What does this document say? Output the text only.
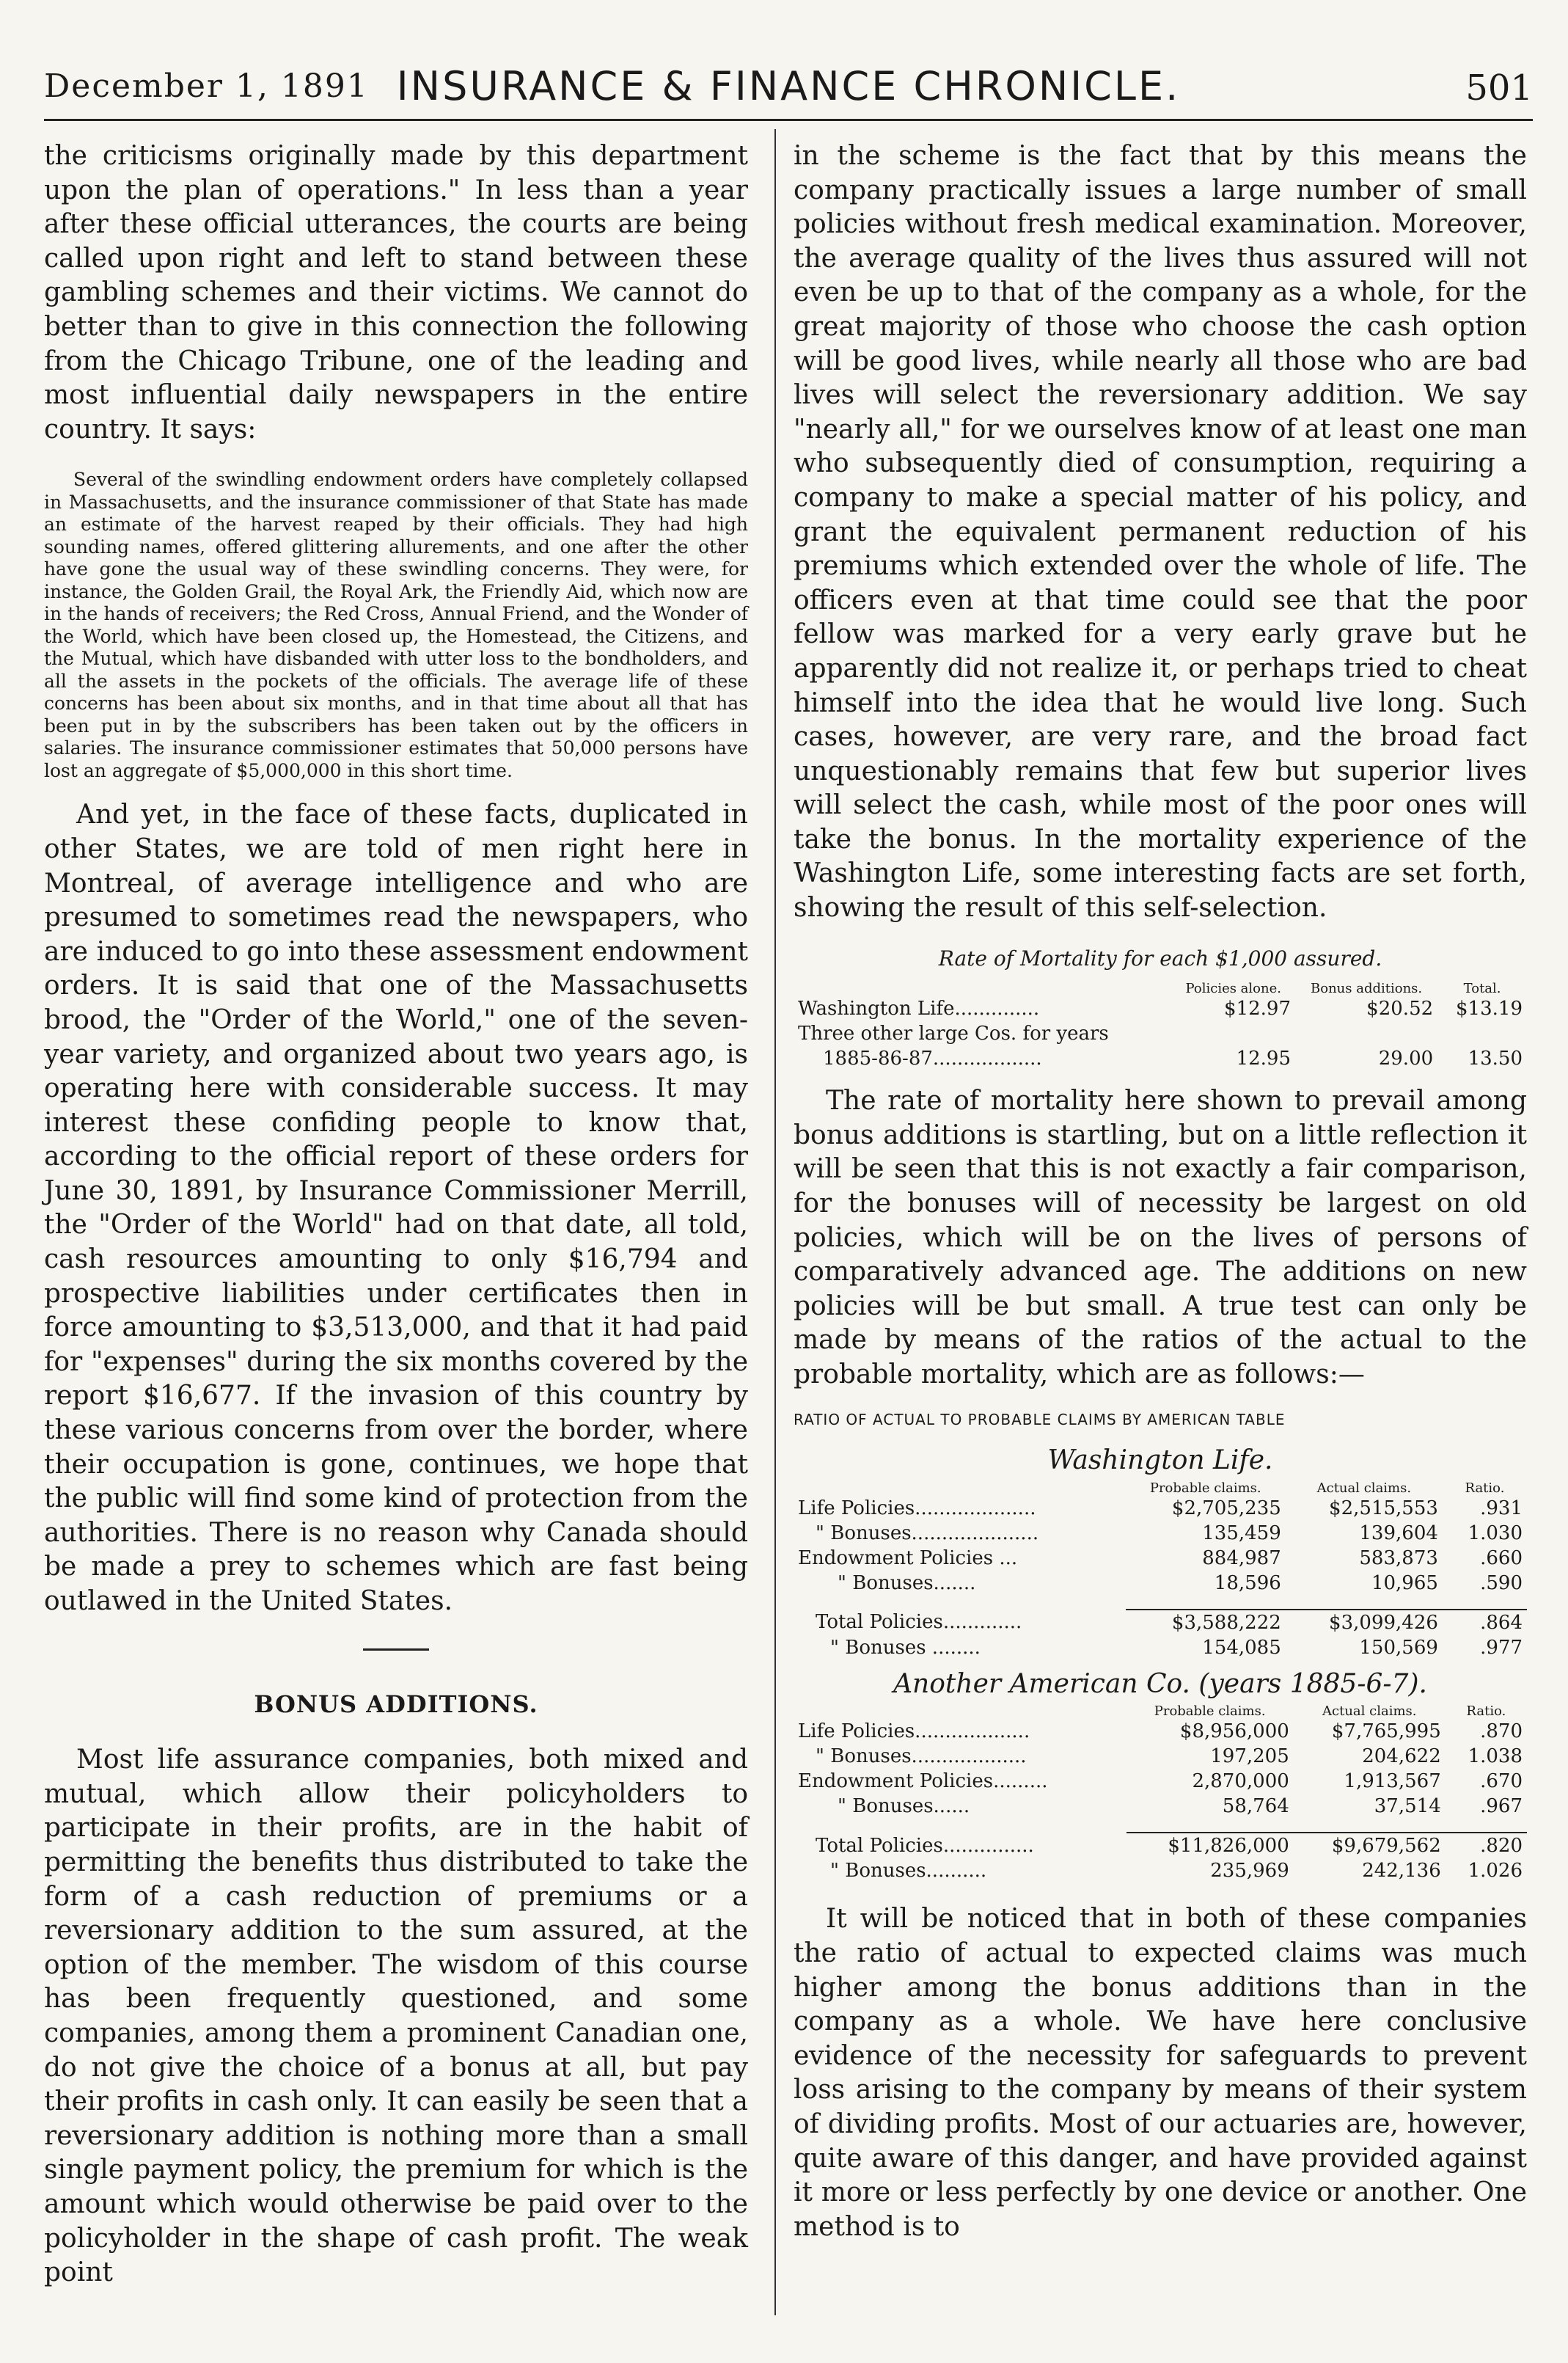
December 1, 1891 INSURANCE & FINANCE CHRONICLE.	501

the criticisms originally made by this department upon the plan of operations." In less than a year after these official utterances, the courts are being called upon right and left to stand between these gambling schemes and their victims. We cannot do better than to give in this connection the following from the Chicago Tribune, one of the leading and most influential daily newspapers in the entire country. It says:

Several of the swindling endowment orders have completely collapsed in Massachusetts, and the insurance commissioner of that State has made an estimate of the harvest reaped by their officials. They had high sounding names, offered glittering allurements, and one after the other have gone the usual way of these swindling concerns. They were, for instance, the Golden Grail, the Royal Ark, the Friendly Aid, which now are in the hands of receivers; the Red Cross, Annual Friend, and the Wonder of the World, which have been closed up, the Homestead, the Citizens, and the Mutual, which have disbanded with utter loss to the bondholders, and all the assets in the pockets of the officials. The average life of these concerns has been about six months, and in that time about all that has been put in by the subscribers has been taken out by the officers in salaries. The insurance commissioner estimates that 50,000 persons have lost an aggregate of $5,000,000 in this short time.

And yet, in the face of these facts, duplicated in other States, we are told of men right here in Montreal, of average intelligence and who are presumed to sometimes read the newspapers, who are induced to go into these assessment endowment orders. It is said that one of the Massachusetts brood, the "Order of the World," one of the seven-year variety, and organized about two years ago, is operating here with considerable success. It may interest these confiding people to know that, according to the official report of these orders for June 30, 1891, by Insurance Commissioner Merrill, the "Order of the World" had on that date, all told, cash resources amounting to only $16,794 and prospective liabilities under certificates then in force amounting to $3,513,000, and that it had paid for "expenses" during the six months covered by the report $16,677. If the invasion of this country by these various concerns from over the border, where their occupation is gone, continues, we hope that the public will find some kind of protection from the authorities. There is no reason why Canada should be made a prey to schemes which are fast being outlawed in the United States.

BONUS ADDITIONS.

Most life assurance companies, both mixed and mutual, which allow their policyholders to participate in their profits, are in the habit of permitting the benefits thus distributed to take the form of a cash reduction of premiums or a reversionary addition to the sum assured, at the option of the member. The wisdom of this course has been frequently questioned, and some companies, among them a prominent Canadian one, do not give the choice of a bonus at all, but pay their profits in cash only. It can easily be seen that a reversionary addition is nothing more than a small single payment policy, the premium for which is the amount which would otherwise be paid over to the policyholder in the shape of cash profit. The weak point

in the scheme is the fact that by this means the company practically issues a large number of small policies without fresh medical examination. Moreover, the average quality of the lives thus assured will not even be up to that of the company as a whole, for the great majority of those who choose the cash option will be good lives, while nearly all those who are bad lives will select the reversionary addition. We say "nearly all," for we ourselves know of at least one man who subsequently died of consumption, requiring a company to make a special matter of his policy, and grant the equivalent permanent reduction of his premiums which extended over the whole of life. The officers even at that time could see that the poor fellow was marked for a very early grave but he apparently did not realize it, or perhaps tried to cheat himself into the idea that he would live long. Such cases, however, are very rare, and the broad fact unquestionably remains that few but superior lives will select the cash, while most of the poor ones will take the bonus. In the mortality experience of the Washington Life, some interesting facts are set forth, showing the result of this self-selection.

Rate of Mortality for each $1,000 assured.
	Policies alone.	Bonus additions.	Total.
Washington Life..............	$12.97	$20.52	$13.19
Three other large Cos. for years			
1885-86-87..................	12.95	29.00	13.50

The rate of mortality here shown to prevail among bonus additions is startling, but on a little reflection it will be seen that this is not exactly a fair comparison, for the bonuses will of necessity be largest on old policies, which will be on the lives of persons of comparatively advanced age. The additions on new policies will be but small. A true test can only be made by means of the ratios of the actual to the probable mortality, which are as follows:—

RATIO OF ACTUAL TO PROBABLE CLAIMS BY AMERICAN TABLE
Washington Life.
	Probable claims.	Actual claims.	Ratio.
Life Policies....................	$2,705,235	$2,515,553	.931
" Bonuses.....................	135,459	139,604	1.030
Endowment Policies ...	884,987	583,873	.660
" Bonuses.......	18,596	10,965	.590

Total Policies.............	$3,588,222	$3,099,426	.864
" Bonuses ........	154,085	150,569	.977
Another American Co. (years 1885-6-7).
	Probable claims.	Actual claims.	Ratio.
Life Policies...................	$8,956,000	$7,765,995	.870
" Bonuses...................	197,205	204,622	1.038
Endowment Policies.........	2,870,000	1,913,567	.670
" Bonuses......	58,764	37,514	.967

Total Policies...............	$11,826,000	$9,679,562	.820
" Bonuses..........	235,969	242,136	1.026

It will be noticed that in both of these companies the ratio of actual to expected claims was much higher among the bonus additions than in the company as a whole. We have here conclusive evidence of the necessity for safeguards to prevent loss arising to the company by means of their system of dividing profits. Most of our actuaries are, however, quite aware of this danger, and have provided against it more or less perfectly by one device or another. One method is to
